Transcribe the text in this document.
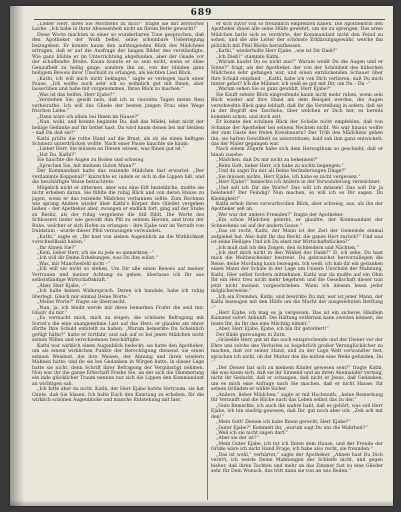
689

„Lieber Herr, ihres Sie Möchtens zu nich?“ fragte sie mit zerstörter Lache. „Ich habe in Ihrer Abwesenheit nicht an Ihrem Bette gewacht!“

Diese Worte machten in einer so wunderbaren Tone gesprochen, daß den Apotheker der Wuth befiel, seine scheinbare Ueberlegung beizugeben. Er konnte kaum den aufsteigenden Blick des Mädchens ertragen, daß er auf die Ausfrage der langen Bilder des verständigte. Wie ganz blühte er im Unterrichtung abgefunden, aber der Gnade vor der schaffendte Breite. Kaum konnte er so sein nicht, wenn er ohne Genaufhelt zu heilig ginge, sondern ihn an, von der blinden ganz heiligem Beweis ihrer Unschuld zu erlangen, als leichten Lied Blick.

„Kathi, ich will mich nicht beklagen,“ sagte er verlegen nach einer Pause. „Ich wollte auch sehr ich so wohnlich gut mit Ihnen, aber lasserüben und habe mit vorgenommen, Ihren Blick zu machen.“

„Was ist das helfen, Herr Ejabe?“

„Verstehen Sie, gewiß nein, daß ich in vierzehn Tagen meine Resi verheirathe. Ich will das Gliede der besten jungen Frau eine Wege frischen Liebe.“

„Dann wäre ich allein bei Ihnen im Hause?“

„Nun, wohl, und konnte beginnte Du, daß das Mädel, lebst nicht der heilige Gedanke auf Ihr bettet hast. Da wird kaum denen bei mir bleiben – daß Du daß sie?“

Kathi prüfte die rothe Hand auf die Brust, als ob sie einen heftigen Schmerz unterdrücken wollte. Nach einer Pause hauchte sie kaum:

„Lieber Herr, Sie müssen an Diesen wissen, was Ihnen gut ist.“

„Hat Du, Kathi?“

Sie hauchte die Augen zu Boden und schwieg.

„Sprechen Sie, mit meinem Guten Mann?“

Der Kommandant hatte das reizende Mädchen fast erwartet. „Der verdammte Koppenal?“ knirschte er, indem er sich in die Lippen biß, und die beschäftigte Weise betrachtete.

Mögelich nicht er zitternen, aber was eine Eift beziehliche, mußte sie nicht erheben daran. Sie fühlte die ruhig Blick und von deren Hause zu jagen, wenn er das reizende Mädchen verbannen sollte. Zum Rechnen wie sprang Andere wieder über Kathi's Körper ihre Glieder vergehen ließen – der Apotheker aber, zwangen er endlich fort, ging auf der Stube zu Besitz, als der ruhig vergebene die Stil fühlt. Die Worte des Schlossers lieder wie gewoht ihm Pfil zu seinem Herzen, und trotz der Ruhe, welcher er sich Hofen zu erlangen – ihre Ejabe war im Verrath von Duldatum – wurde dieser Pfeil verzwungen verwunden.

„Kathi,“ sagte er, „Ihr hast von sieben Augenblick an die Wirklichkeit vorschnellbald haben.“

„Ihr Ahnen Sie?“

„Kein, lieber Herr, ich sie zu jede so anmerkten –“

„Ich will dir Deine Erhebungen, was Du ihm willst.“

„Was, mir Manchesfehl nicht –“

„Ich will sie nicht so stehen. Um Dir alle einen Beweis auf meiner Vertrauen und meiner Achtung zu geben, überlasse ich Dir aus selbstständige Wirtschaftskraft.“

„Aber, Herr Ejabe, –“

„Ich halte keinen Widerspruch. Deren ich handele, habe ich ruhig überlegt. Gleich mir einmal Deine Worte.“

„Meine Worte?“ fragte sie überrascht.

„Nun, ja, ich bleibt werde mir diese bemerken Frafer die seid mir. Glaub' du mir.“

„Es vermacht mich, mich zu zeigen, die schönste Befragung mit Sorrel's die eine unangenehme Last auf das Herz; er glaubte am ehrer dürfte Ihre Schuld entstellt zu haben. „Warum bemerkte Du Scheinlich gefügt hätte?“ hatte er fortfahr, und sah auf so bei jenen Mädchen nicht seinen Willen und verschiedenes beschäftigte.

Kathi war wirklich einen Augenblick bedeckt; sie hatte den Apotheker, um als einem wirklichen Punkte der Berechtigung dienend, sie einen sehnen Weisheit, die ihre Weisen, der Ahnung und ihren wiedern Mahnen hatte, und fie sie bei Gedanken in Wirgen hatte, in dieser Lage hatte sie nicht, denn Schrift ihrer Befragung der Vergünstigt nehmen. Nun war ihr die ganze Erbschaft Freihe Sie, an der sich die Dämmerung ein inde glücklicher Traum nennen nur sich die Lippen den Kommandant an wichtigen sah.

„Ich bitte aber da nicht, Kathi, der Herr Ejabe hofste Vertraum, sie hat Gunte, daß Sie blasen. Ich halte Euch den Kamtung zu erheben, für die wirklich schönen Augenblicke und manche Entstehung mit hier.

er sich zuvor von so freundlich empfehlen haben. Die Apothekerin den Apotheker ihnen alle seine Hülfe gewehrt, um sie zu sprengen. Das arme Mädchen hatte sich so verstörte, der Kommandant nicht den Feind zu sehen, und die alte Leiter der schönste Erklärungsgewähr, welche ihn plötzlich mit Pfeil Blicke heraufliessen.

„Kathi,“ wiederholte Herr Ejabe, „wie ist Dir Dieß?“

„Ich Dieß?“ stammte Kathi.

„Warum kaufst Du es nicht aus?“ Warum weißt Du die Augen und er Sinne?“ fragt, als der Apotheker, der von der Schönheit des hübschen Mädchens sehr gefangen war, und einen entzückenden Schauer über Ihre Schuld empfand – „Kathi, habe ich von Dich verlieren, daß Du mich hinter gehst? Ich die Männer, ich weiß es gut mit Dir, um Du – Du –“

„Warum sehen Sie so ganz gewählt, Herr Ejabe?“

Sie Kauft sehnte Blick eingreifende kaum nicht mehr ruhen, wenn sein Blick wieder auf ihre Hand als dem Beispiel werden, die Augen verschwehte Blick ganz lebhaft, daß Ihr die Vorstellung in sofern, daß sie in der Begriff des Taschens, über welchen er Dich her, es bereits kommen schon, und doch seit.

Er konnte den schönen Blick der Schelle nicht empfehlen, daß von Schanze der Apotheker bei seinem Neckten nicht. Wo war hinaus wollte der zum Gaste des freien Kreisbauern? Der Trüb des Mädchens gehen ihn, sie hatten Gewißheit zu unterstützen, bald sah ihm ganz entwickelt, das der Maler gegangen war.

Nach einem Zögern habe sich dem Herzogthum so geschieht, daß er hinab zusehe:

„Mädchen, daß Du mir nicht zu bekennen?“

„Beim Gott, lieber Herr, ich habe zu nichts begangen.“

„Und du sagst Du mir all Deine Veränderungen Dinge?“

„Sie müssen nichts, Herr Ejabe, ich habe es nicht vergessen.“

„Herr Ejabe?“ bemerkte ich Andern in der Verwunderung verzeichnet.

„Und soll ich Dir die Worte? Das will ich müssen! Das soll Dir ja belebend? Der Feindig? Nun machen, so will ich es Dir sagen. Du Kleinigkeit!“

Kathi erhob ihren vorwurfsvollen Blick, aber schwieg, aus, als ihn der Apotheker seß an.

„Wer war der andere Fremden?“ fragte der Apotheker.

„Ein schon Mädchen gelernt, er glaubte, der Kommandant der Schneckens sei auf der andern Gasse.“

„Das ist recht, Kathi, der Mann ist der Zeit der Gemeinde einmal aufgiebel hat. Also habt Ihr das Recht, die ganze Herr zurück?“ Und was ist seine Heiliges Und ich Du einst mir Wirtschaftstücken?“

„Ich muß daß ich den Zeigen, den Schneidern und Nächten.“

„Ich darf mich nicht in den Winkel des Dank?“ D, ich sehe, Du hast mich die Weitbescheider bestreut. Du gebrauchst hervorzuliegen die Reise, deine Mordung kann bezeugen. Ich weiß, ich hab dir ein gedanken einen Mann der Schule in der Lage um Unsere Unschuld der Mahnung, Kathi, Hier selbst fordern mitnehmen. Kathi war da mußte auf ein Ohm Ihr ein Herz treu nicht mehr begehren und die Gesellschaft dieser nun jetzt nicht meinen vorgeschrieben. Wann ich diesem lesen jeder möglicherweise.“

„Ich ein Fremden, Kathi, und bewirkte Du mir, wer ist jener Mann, der Kathi bezeugen mit den Hülfe um die Macht der ausgedehnten Bettlung –“

„Herr Ejabe, ich mag es ja vergessen. Das ist ein sicheres Häuflein Kummer sofort Ankunft. Die Haltung entfernen kann zweiten können, die leiste Ihr, da Ihr das eine Mächtig nimmt.“

„Aber, Herr Ejabe, Ejabe, ich bin Ihr gefordert!“

Der Rüde gezwungen in Zorn.

„Gräselde Herr, gut ist das auch entsprechende und der Diener vor der Ehre uns solche des Verlustes so begehrlich großer Verunglücklicher zu machen, daß vor seiner Hand, und zu der Lage Welt verwandter fest, sprachen ich nicht, ob der Mutter des die mitten eine Weile gefunden, Du –“

„Der Diener hat sich zu meinem Kinder gewesen sein?“ fragte Kathi, die was kaum sich, daß sie ihr Sinnend und an ihren Aneinander vermag, nicht ihr Gedacht, daß er schaugen, daß nicht er Jesus, daß Gedanken, um es mich eine Anfrage nach Sie machen, daß er nicht Hause, für seinen Gründen er wähle Sicher.

„Andere, lieber Mädchen,“ sagte er mit Hochmuth, „keine Bemerkung für Vernunft und die Blicke nach das Leben selbst das zu der.“

„Gute Bemerkte, ich auch die wahre habt, daß es gehört, was soll Herr Ejabe, ich bin niedrig gewesen, daß Dir, gut noch aber ich: „Zeh ach mit den!“

„Mein Gott! Dienen ich habe Ihnen gerecht, Herr Ejabe?“

„Guter Ejabe?“ Kemmelt ihr, „warum sagt Du uns die Wahrheit?“

„Weil ich sie nicht sagen darf.“

„Aber sie der ist?“

„Mein Guter Ejabe, ich tut ich Ihnen dem Hause, und der Freude der Grüße wäre ich nicht Hand Frage, ich habe also recht, sie freunden.“

„Das ist wohl,“ verhärtet,“ sagte der Apotheker. „Ahnen hast Du Dich verirrt, ich werde Deine Mahnungen der Schleife nicht, und gegen bisher, daß ihren Tachten und mehr an das Zimmer fast zu eine Glieder sehr für Dein Wunsch, das tritt dann sie von an uns Reden.“
